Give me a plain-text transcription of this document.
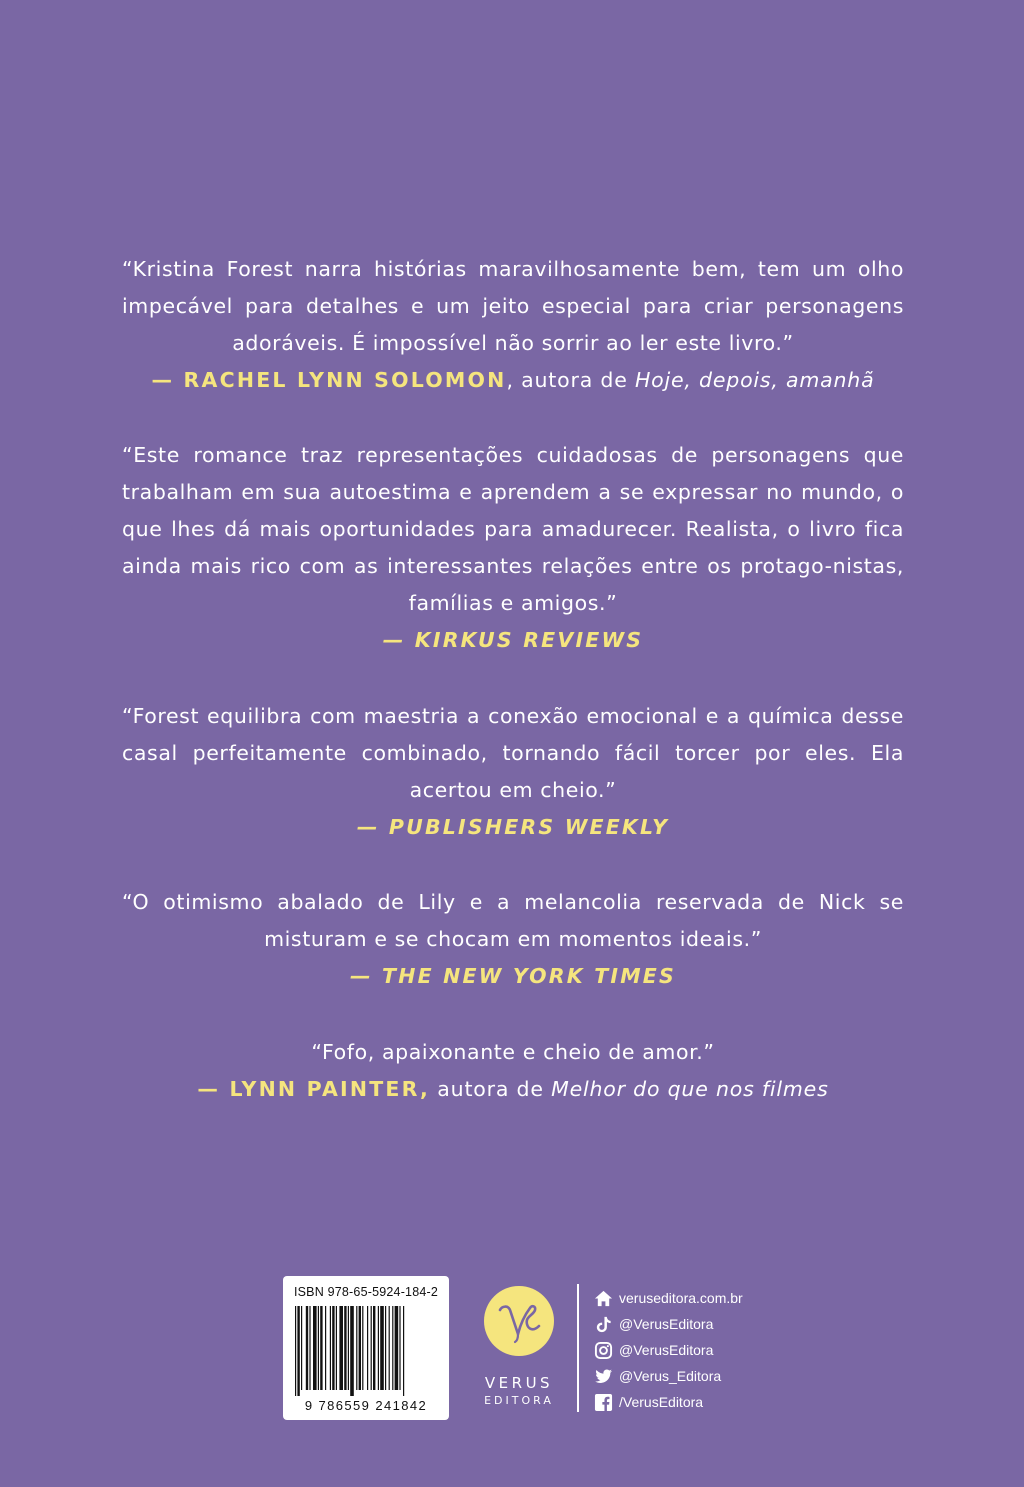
“Kristina Forest narra histórias maravilhosamente bem, tem um olho impecável para detalhes e um jeito especial para criar personagens adoráveis. É impossível não sorrir ao ler este livro.”

— RACHEL LYNN SOLOMON, autora de Hoje, depois, amanhã

“Este romance traz representações cuidadosas de personagens que trabalham em sua autoestima e aprendem a se expressar no mundo, o que lhes dá mais oportunidades para amadurecer. Realista, o livro fica ainda mais rico com as interessantes relações entre os protago-nistas, famílias e amigos.”

— KIRKUS REVIEWS

“Forest equilibra com maestria a conexão emocional e a química desse casal perfeitamente combinado, tornando fácil torcer por eles. Ela acertou em cheio.”

— PUBLISHERS WEEKLY

“O otimismo abalado de Lily e a melancolia reservada de Nick se misturam e se chocam em momentos ideais.”

— THE NEW YORK TIMES

“Fofo, apaixonante e cheio de amor.”

— LYNN PAINTER, autora de Melhor do que nos filmes

ISBN 978-65-5924-184-2
9 786559 241842
VERUS
EDITORA
veruseditora.com.br
@VerusEditora
@VerusEditora
@Verus_Editora
/VerusEditora
